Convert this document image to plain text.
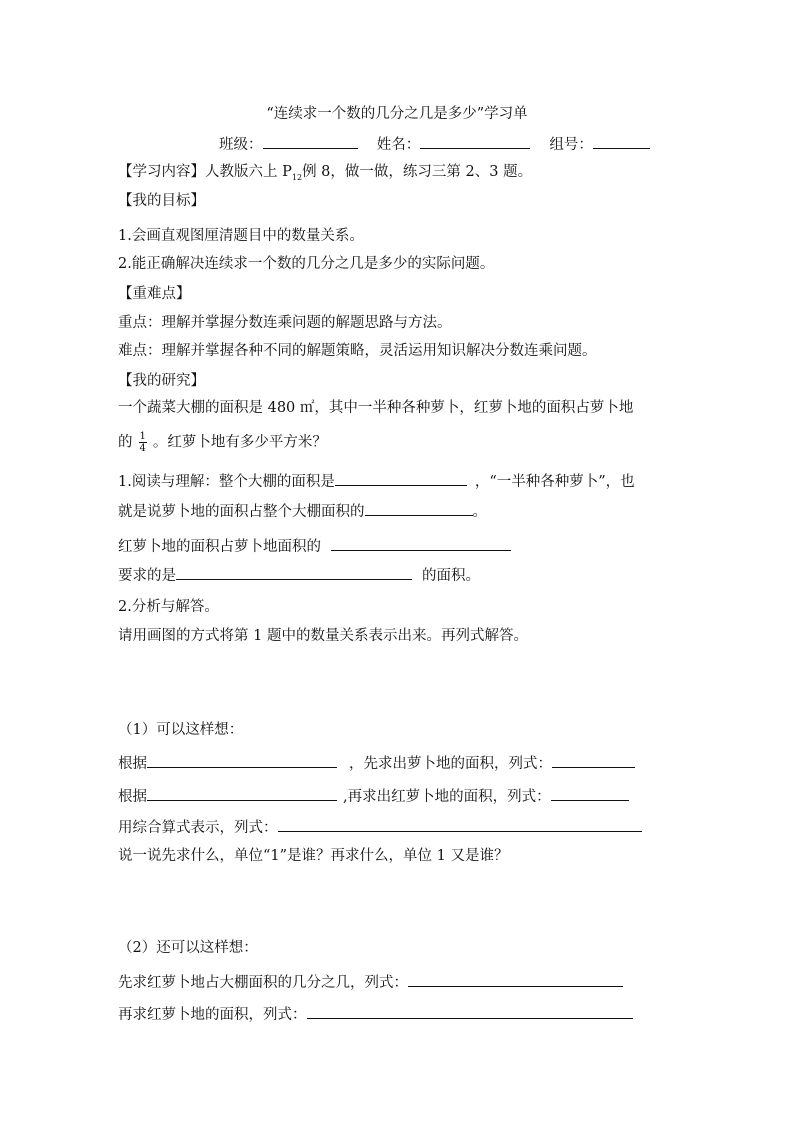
“连续求一个数的几分之几是多少”学习单
班级：	姓名：	组号：
【学习内容】人教版六上 $P_{12}$例 8，做一做，练习三第 2、3 题。
【我的目标】
1.会画直观图厘清题目中的数量关系。
2.能正确解决连续求一个数的几分之几是多少的实际问题。
【重难点】
重点：理解并掌握分数连乘问题的解题思路与方法。
难点：理解并掌握各种不同的解题策略，灵活运用知识解决分数连乘问题。
【我的研究】
一个蔬菜大棚的面积是 480 ㎡，其中一半种各种萝卜，红萝卜地的面积占萝卜地
的 $\frac{1}{4}$ 。红萝卜地有多少平方米？
1.阅读与理解：整个大棚的面积是	，“一半种各种萝卜”，也
就是说萝卜地的面积占整个大棚面积的	。
红萝卜地的面积占萝卜地面积的
要求的是	的面积。
2.分析与解答。
请用画图的方式将第 1 题中的数量关系表示出来。再列式解答。
（1）可以这样想：
根据	，先求出萝卜地的面积，列式：
根据	,再求出红萝卜地的面积，列式：
用综合算式表示，列式：
说一说先求什么，单位“1”是谁？再求什么，单位 1 又是谁？
（2）还可以这样想：
先求红萝卜地占大棚面积的几分之几，列式：
再求红萝卜地的面积，列式：
